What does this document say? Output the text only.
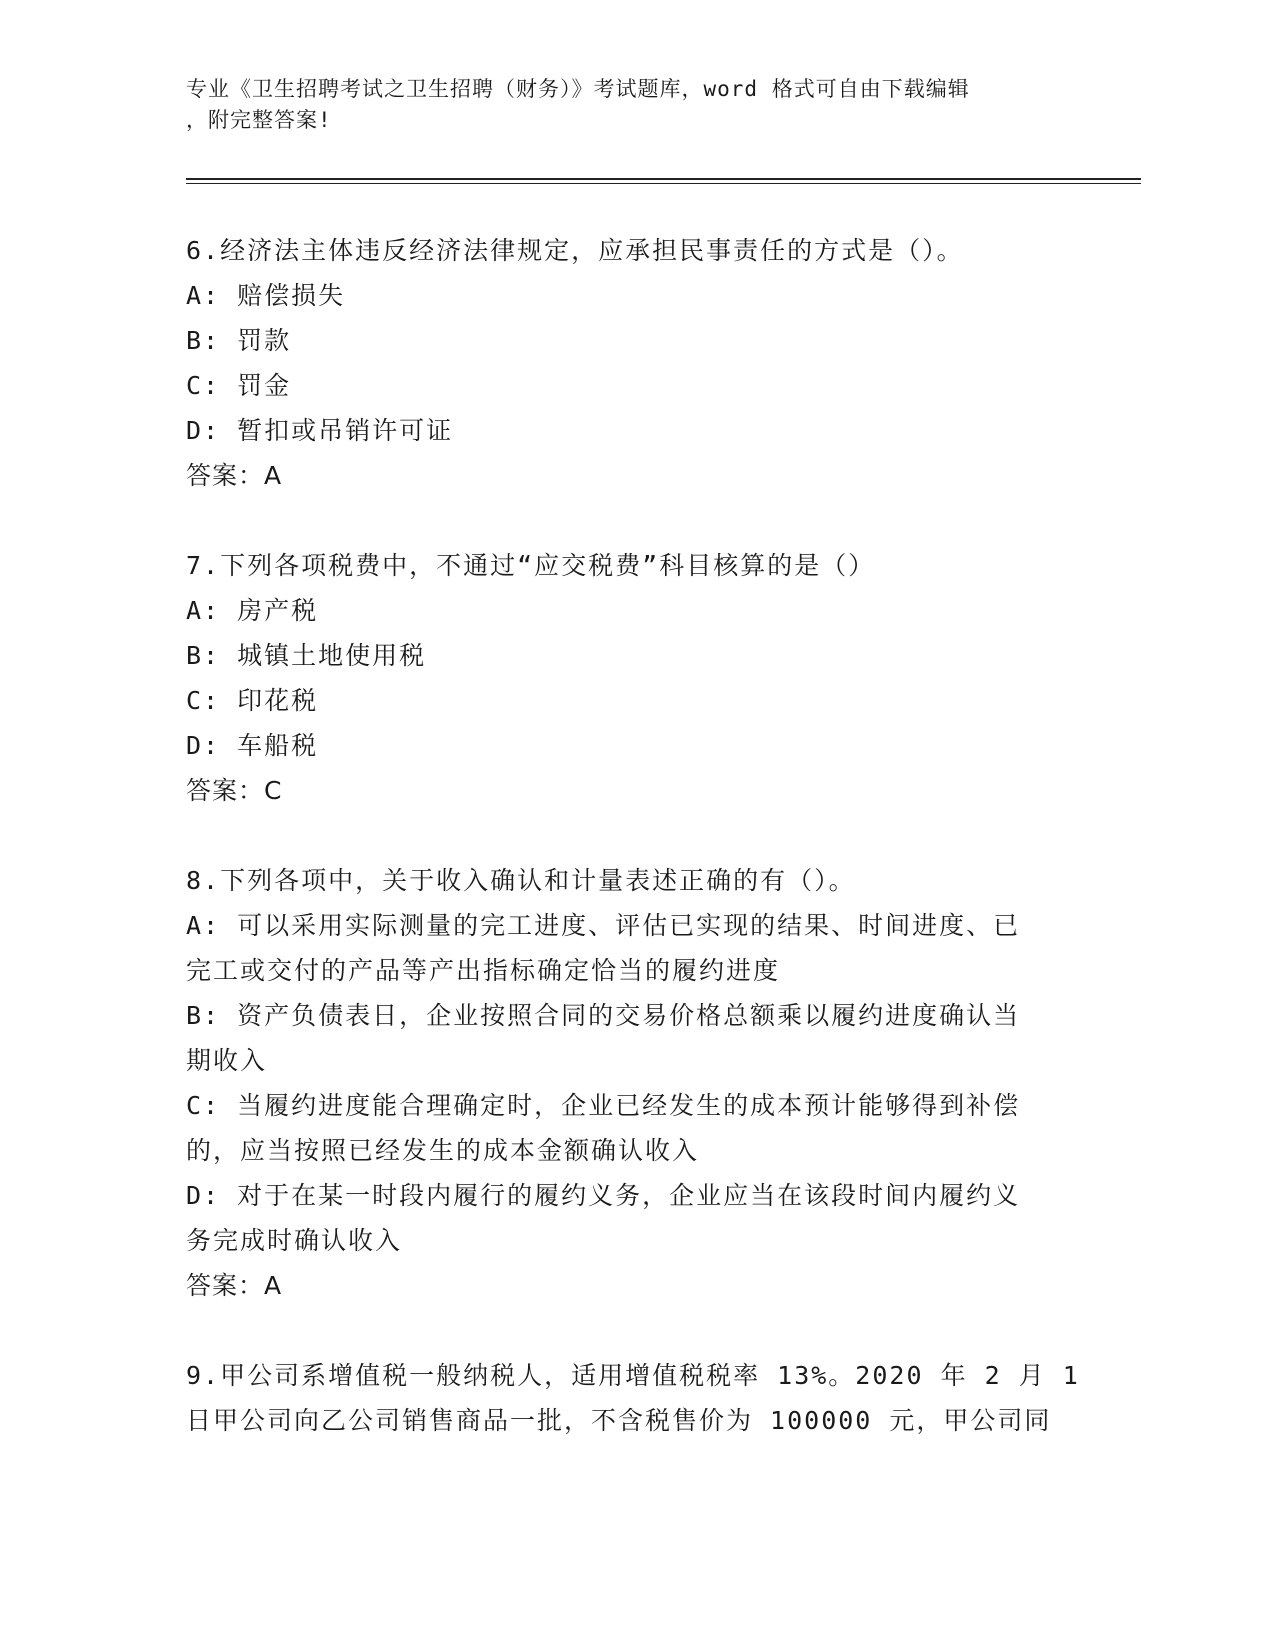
专业《卫生招聘考试之卫生招聘（财务）》考试题库，word 格式可自由下载编辑
，附完整答案!
6.经济法主体违反经济法律规定，应承担民事责任的方式是（）。
A: 赔偿损失
B: 罚款
C: 罚金
D: 暂扣或吊销许可证
答案：A
7.下列各项税费中，不通过“应交税费”科目核算的是（）
A: 房产税
B: 城镇土地使用税
C: 印花税
D: 车船税
答案：C
8.下列各项中，关于收入确认和计量表述正确的有（）。
A: 可以采用实际测量的完工进度、评估已实现的结果、时间进度、已
完工或交付的产品等产出指标确定恰当的履约进度
B: 资产负债表日，企业按照合同的交易价格总额乘以履约进度确认当
期收入
C: 当履约进度能合理确定时，企业已经发生的成本预计能够得到补偿
的，应当按照已经发生的成本金额确认收入
D: 对于在某一时段内履行的履约义务，企业应当在该段时间内履约义
务完成时确认收入
答案：A
9.甲公司系增值税一般纳税人，适用增值税税率 13%。2020 年 2 月 1
日甲公司向乙公司销售商品一批，不含税售价为 100000 元，甲公司同
